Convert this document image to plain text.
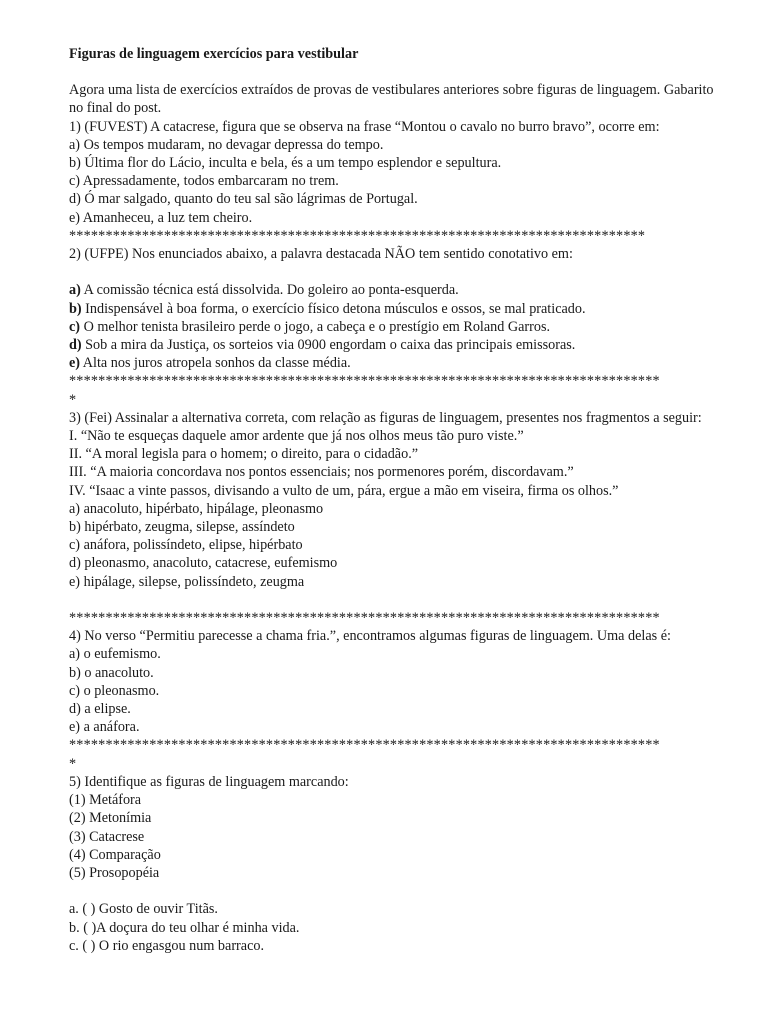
Figuras de linguagem exercícios para vestibular
Agora uma lista de exercícios extraídos de provas de vestibulares anteriores sobre figuras de linguagem. Gabarito no final do post.
1) (FUVEST) A catacrese, figura que se observa na frase “Montou o cavalo no burro bravo”, ocorre em:
a) Os tempos mudaram, no devagar depressa do tempo.
b) Última flor do Lácio, inculta e bela, és a um tempo esplendor e sepultura.
c) Apressadamente, todos embarcaram no trem.
d) Ó mar salgado, quanto do teu sal são lágrimas de Portugal.
e) Amanheceu, a luz tem cheiro.
*******************************************************************************
2) (UFPE) Nos enunciados abaixo, a palavra destacada NÃO tem sentido conotativo em:
a) A comissão técnica está dissolvida. Do goleiro ao ponta-esquerda.
b) Indispensável à boa forma, o exercício físico detona músculos e ossos, se mal praticado.
c) O melhor tenista brasileiro perde o jogo, a cabeça e o prestígio em Roland Garros.
d) Sob a mira da Justiça, os sorteios via 0900 engordam o caixa das principais emissoras.
e) Alta nos juros atropela sonhos da classe média.
*********************************************************************************
*
3) (Fei) Assinalar a alternativa correta, com relação as figuras de linguagem, presentes nos fragmentos a seguir:
I. “Não te esqueças daquele amor ardente que já nos olhos meus tão puro viste.”
II. “A moral legisla para o homem; o direito, para o cidadão.”
III. “A maioria concordava nos pontos essenciais; nos pormenores porém, discordavam.”
IV. “Isaac a vinte passos, divisando a vulto de um, pára, ergue a mão em viseira, firma os olhos.”
a) anacoluto, hipérbato, hipálage, pleonasmo
b) hipérbato, zeugma, silepse, assíndeto
c) anáfora, polissíndeto, elipse, hipérbato
d) pleonasmo, anacoluto, catacrese, eufemismo
e) hipálage, silepse, polissíndeto, zeugma
*********************************************************************************
4) No verso “Permitiu parecesse a chama fria.”, encontramos algumas figuras de linguagem. Uma delas é:
a) o eufemismo.
b) o anacoluto.
c) o pleonasmo.
d) a elipse.
e) a anáfora.
*********************************************************************************
*
5) Identifique as figuras de linguagem marcando:
(1) Metáfora
(2) Metonímia
(3) Catacrese
(4) Comparação
(5) Prosopopéia
a. ( ) Gosto de ouvir Titãs.
b. ( )A doçura do teu olhar é minha vida.
c. ( ) O rio engasgou num barraco.
